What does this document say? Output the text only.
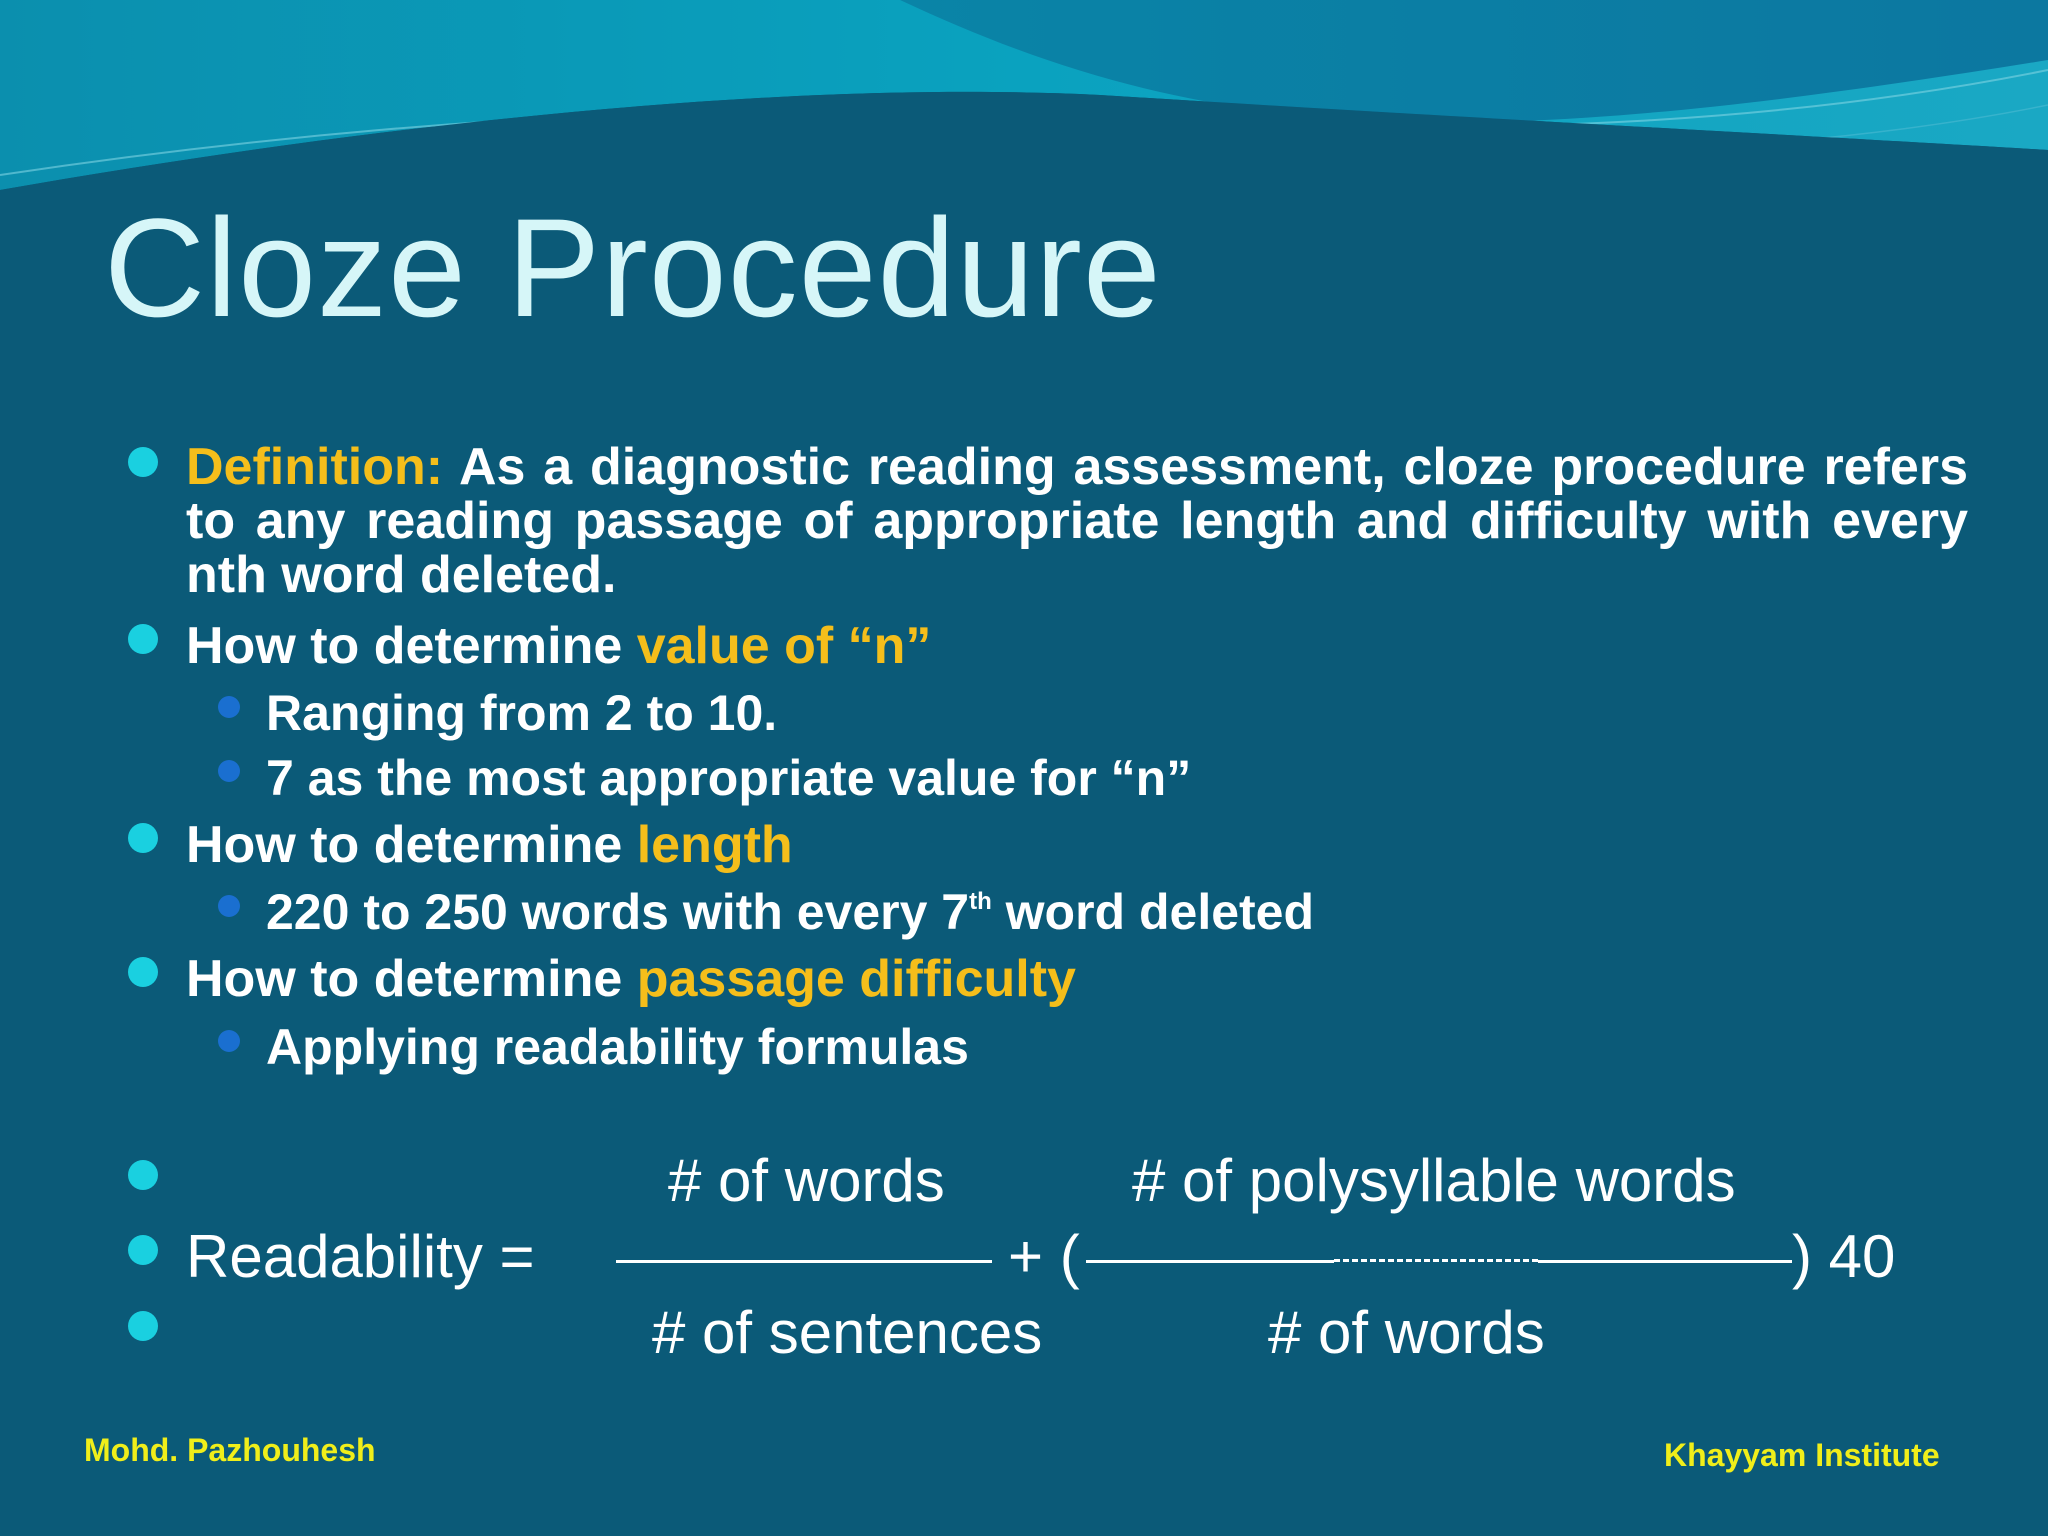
Cloze Procedure
Definition: As a diagnostic reading assessment, cloze procedure refers to any reading passage of appropriate length and difficulty with every nth word deleted.
How to determine value of “n”
Ranging from 2 to 10.
7 as the most appropriate value for “n”
How to determine length
220 to 250 words with every 7th word deleted
How to determine passage difficulty
Applying readability formulas
Readability =
# of words
# of sentences
+ (
# of polysyllable words
) 40
# of words
Mohd. Pazhouhesh	Khayyam Institute
